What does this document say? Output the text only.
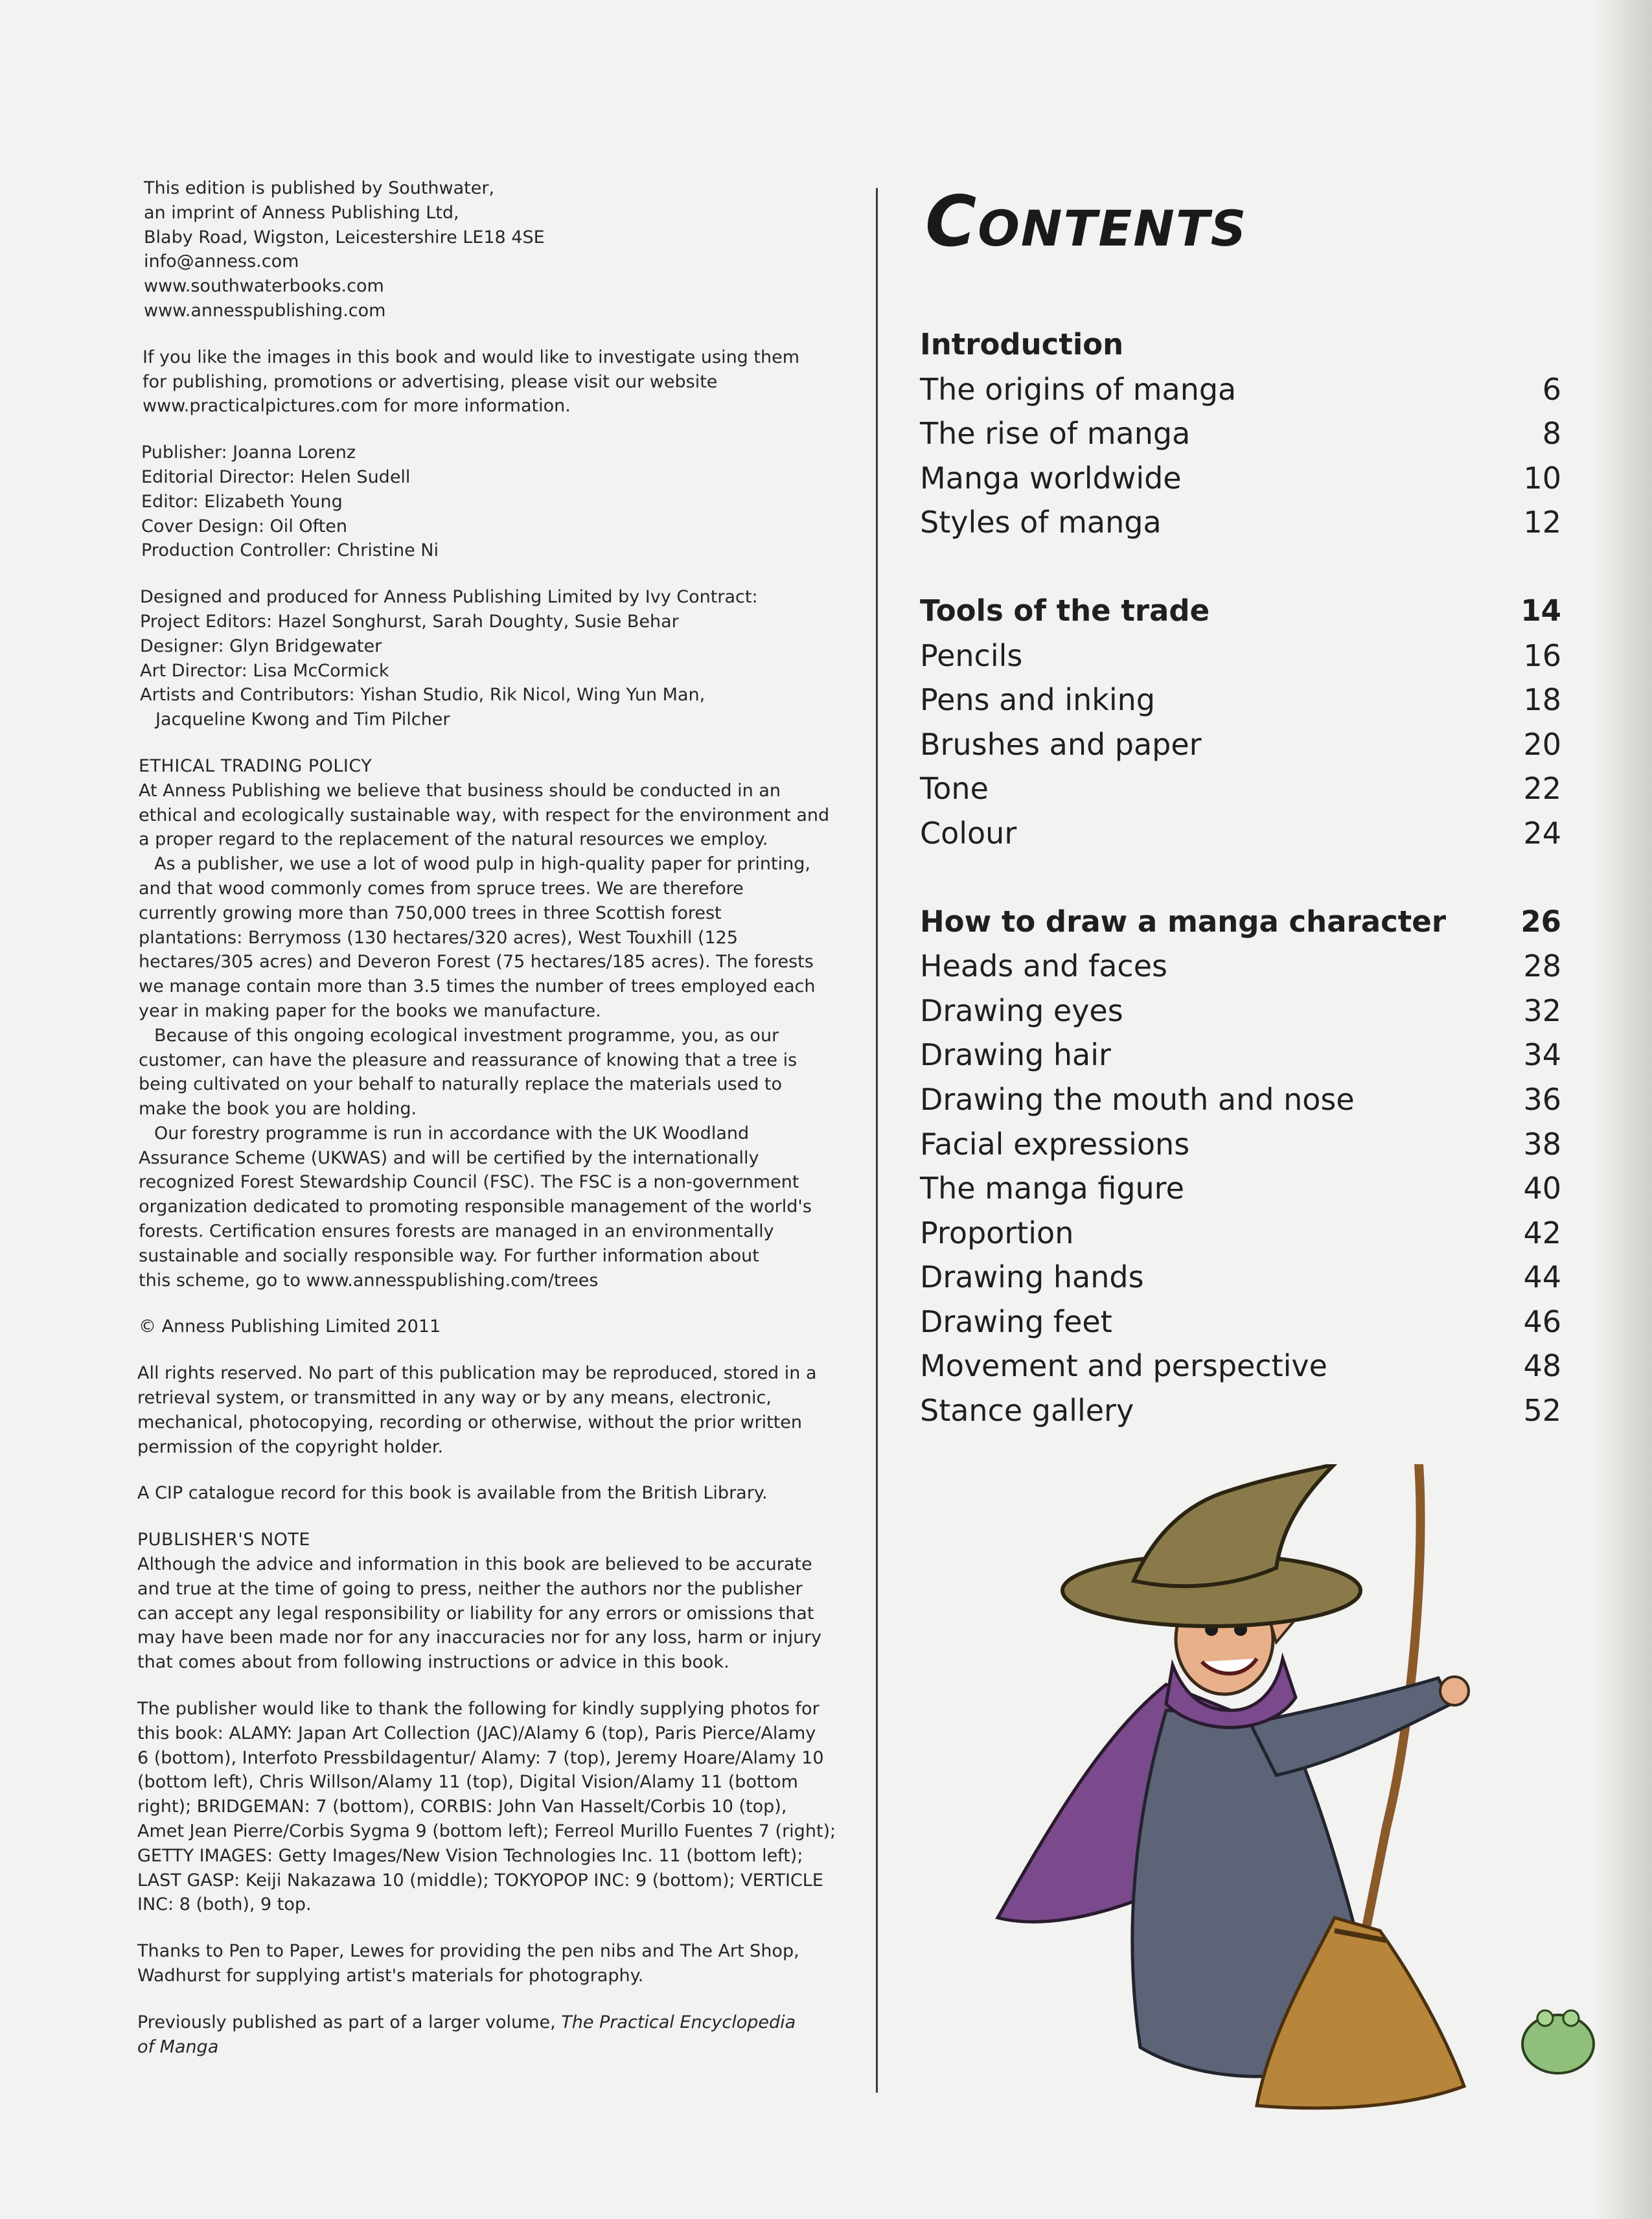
This edition is published by Southwater,
an imprint of Anness Publishing Ltd,
Blaby Road, Wigston, Leicestershire LE18 4SE
info@anness.com
www.southwaterbooks.com
www.annesspublishing.com
If you like the images in this book and would like to investigate using them
for publishing, promotions or advertising, please visit our website
www.practicalpictures.com for more information.
Publisher: Joanna Lorenz
Editorial Director: Helen Sudell
Editor: Elizabeth Young
Cover Design: Oil Often
Production Controller: Christine Ni
Designed and produced for Anness Publishing Limited by Ivy Contract:
Project Editors: Hazel Songhurst, Sarah Doughty, Susie Behar
Designer: Glyn Bridgewater
Art Director: Lisa McCormick
Artists and Contributors: Yishan Studio, Rik Nicol, Wing Yun Man,
Jacqueline Kwong and Tim Pilcher
ETHICAL TRADING POLICY
At Anness Publishing we believe that business should be conducted in an
ethical and ecologically sustainable way, with respect for the environment and
a proper regard to the replacement of the natural resources we employ.
As a publisher, we use a lot of wood pulp in high-quality paper for printing,
and that wood commonly comes from spruce trees. We are therefore
currently growing more than 750,000 trees in three Scottish forest
plantations: Berrymoss (130 hectares/320 acres), West Touxhill (125
hectares/305 acres) and Deveron Forest (75 hectares/185 acres). The forests
we manage contain more than 3.5 times the number of trees employed each
year in making paper for the books we manufacture.
Because of this ongoing ecological investment programme, you, as our
customer, can have the pleasure and reassurance of knowing that a tree is
being cultivated on your behalf to naturally replace the materials used to
make the book you are holding.
Our forestry programme is run in accordance with the UK Woodland
Assurance Scheme (UKWAS) and will be certified by the internationally
recognized Forest Stewardship Council (FSC). The FSC is a non-government
organization dedicated to promoting responsible management of the world's
forests. Certification ensures forests are managed in an environmentally
sustainable and socially responsible way. For further information about
this scheme, go to www.annesspublishing.com/trees
© Anness Publishing Limited 2011
All rights reserved. No part of this publication may be reproduced, stored in a
retrieval system, or transmitted in any way or by any means, electronic,
mechanical, photocopying, recording or otherwise, without the prior written
permission of the copyright holder.
A CIP catalogue record for this book is available from the British Library.
PUBLISHER'S NOTE
Although the advice and information in this book are believed to be accurate
and true at the time of going to press, neither the authors nor the publisher
can accept any legal responsibility or liability for any errors or omissions that
may have been made nor for any inaccuracies nor for any loss, harm or injury
that comes about from following instructions or advice in this book.
The publisher would like to thank the following for kindly supplying photos for
this book: ALAMY: Japan Art Collection (JAC)/Alamy 6 (top), Paris Pierce/Alamy
6 (bottom), Interfoto Pressbildagentur/ Alamy: 7 (top), Jeremy Hoare/Alamy 10
(bottom left), Chris Willson/Alamy 11 (top), Digital Vision/Alamy 11 (bottom
right); BRIDGEMAN: 7 (bottom), CORBIS: John Van Hasselt/Corbis 10 (top),
Amet Jean Pierre/Corbis Sygma 9 (bottom left); Ferreol Murillo Fuentes 7 (right);
GETTY IMAGES: Getty Images/New Vision Technologies Inc. 11 (bottom left);
LAST GASP: Keiji Nakazawa 10 (middle); TOKYOPOP INC: 9 (bottom); VERTICLE
INC: 8 (both), 9 top.
Thanks to Pen to Paper, Lewes for providing the pen nibs and The Art Shop,
Wadhurst for supplying artist's materials for photography.
Previously published as part of a larger volume, The Practical Encyclopedia
of Manga
Contents
Introduction
The origins of manga	6
The rise of manga	8
Manga worldwide	10
Styles of manga	12
Tools of the trade	14
Pencils	16
Pens and inking	18
Brushes and paper	20
Tone	22
Colour	24
How to draw a manga character	26
Heads and faces	28
Drawing eyes	32
Drawing hair	34
Drawing the mouth and nose	36
Facial expressions	38
The manga figure	40
Proportion	42
Drawing hands	44
Drawing feet	46
Movement and perspective	48
Stance gallery	52
